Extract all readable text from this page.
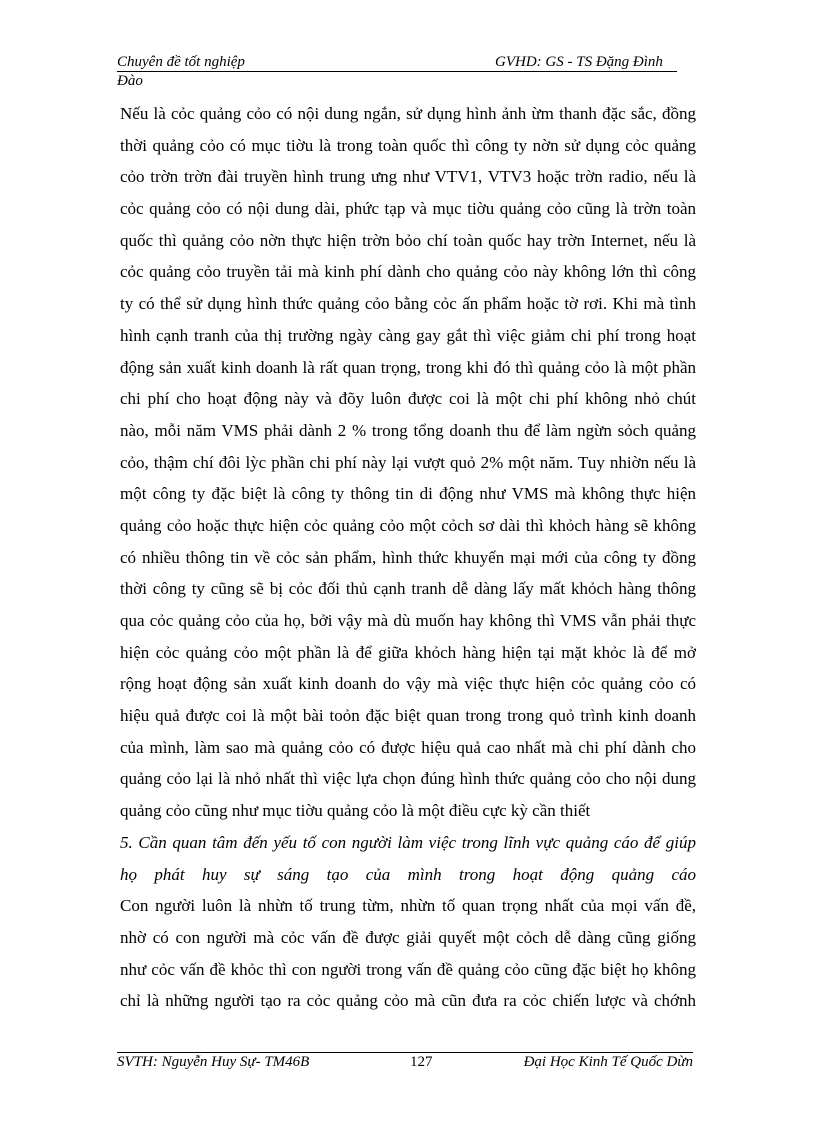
Chuyên đề tốt nghiệp	GVHD: GS - TS Đặng Đình
Đào
Nếu là cỏc quảng cỏo có nội dung ngắn, sử dụng hình ảnh ừm thanh đặc sắc, đồng
thời quảng cỏo có mục tiờu là trong toàn quốc thì công ty nờn sử dụng cỏc quảng
cỏo trờn trờn đài truyền hình trung ưng như VTV1, VTV3 hoặc trờn radio, nếu là
cỏc quảng cỏo có nội dung dài, phức tạp và mục tiờu quảng cỏo cũng là trờn toàn
quốc thì quảng cỏo nờn thực hiện trờn bỏo chí toàn quốc hay trờn Internet, nếu là
cỏc quảng cỏo truyền tải mà kinh phí dành cho quảng cỏo này không lớn thì công
ty có thể sử dụng hình thức quảng cỏo bằng cỏc ấn phẩm hoặc tờ rơi. Khi mà tình
hình cạnh tranh của thị trường ngày càng gay gắt thì việc giảm chi phí trong hoạt
động sản xuất kinh doanh là rất quan trọng, trong khi đó thì quảng cỏo là một phần
chi phí cho hoạt động này và đõy luôn được coi là một chi phí không nhỏ chút
nào, mỗi năm VMS phải dành 2 % trong tổng doanh thu để làm ngừn sỏch quảng
cỏo, thậm chí đôi lỳc phần chi phí này lại vượt quỏ 2% một năm. Tuy nhiờn nếu là
một công ty đặc biệt là công ty thông tin di động như VMS mà không thực hiện
quảng cỏo hoặc thực hiện cỏc quảng cỏo một cỏch sơ dài thì khỏch hàng sẽ không
có nhiều thông tin về cỏc sản phẩm, hình thức khuyến mại mới của công ty đồng
thời công ty cũng sẽ bị cỏc đối thủ cạnh tranh dễ dàng lấy mất khỏch hàng thông
qua cỏc quảng cỏo của họ, bởi vậy mà dù muốn hay không thì VMS vẫn phải thực
hiện cỏc quảng cỏo một phần là để giữa khỏch hàng hiện tại mặt khỏc là để mở
rộng hoạt động sản xuất kinh doanh do vậy mà việc thực hiện cỏc quảng cỏo có
hiệu quả được coi là một bài toỏn đặc biệt quan trong trong quỏ trình kinh doanh
của mình, làm sao mà quảng cỏo có được hiệu quả cao nhất mà chi phí dành cho
quảng cỏo lại là nhỏ nhất thì việc lựa chọn đúng hình thức quảng cỏo cho nội dung
quảng cỏo cũng như mục tiờu quảng cỏo là một điều cực kỳ cần thiết
5. Cần quan tâm đến yếu tố con người làm việc trong lĩnh vực quảng cáo để giúp
họ phát huy sự sáng tạo của mình trong hoạt động quảng cáo
Con người luôn là nhừn tố trung từm, nhừn tố quan trọng nhất của mọi vấn đề,
nhờ có con người mà cỏc vấn đề được giải quyết một cỏch dễ dàng cũng giống
như cỏc vấn đề khỏc thì con người trong vấn đề quảng cỏo cũng đặc biệt họ không
chỉ là những người tạo ra cỏc quảng cỏo mà cũn đưa ra cỏc chiến lược và chớnh
SVTH: Nguyễn Huy Sự- TM46B	127	Đại Học Kinh Tế Quốc Dừn
